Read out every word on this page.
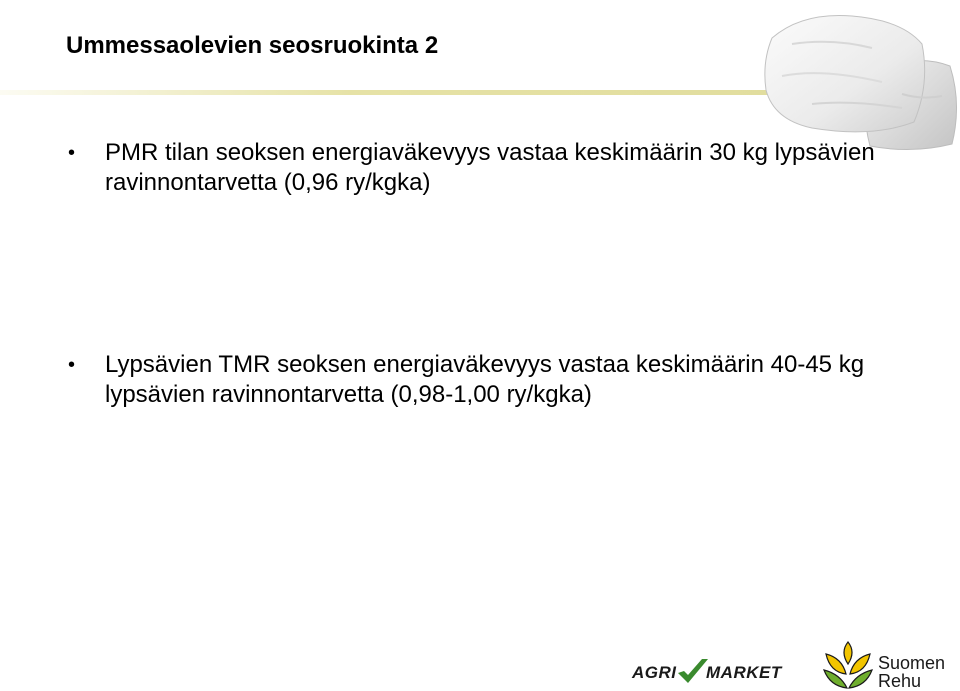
Ummessaolevien seosruokinta 2
• PMR tilan seoksen energiaväkevyys vastaa keskimäärin 30 kg lypsävien ravinnontarvetta (0,96 ry/kgka)
• Lypsävien TMR seoksen energiaväkevyys vastaa keskimäärin 40-45 kg lypsävien ravinnontarvetta (0,98-1,00 ry/kgka)
AGRI MARKET	Suomen
Rehu
